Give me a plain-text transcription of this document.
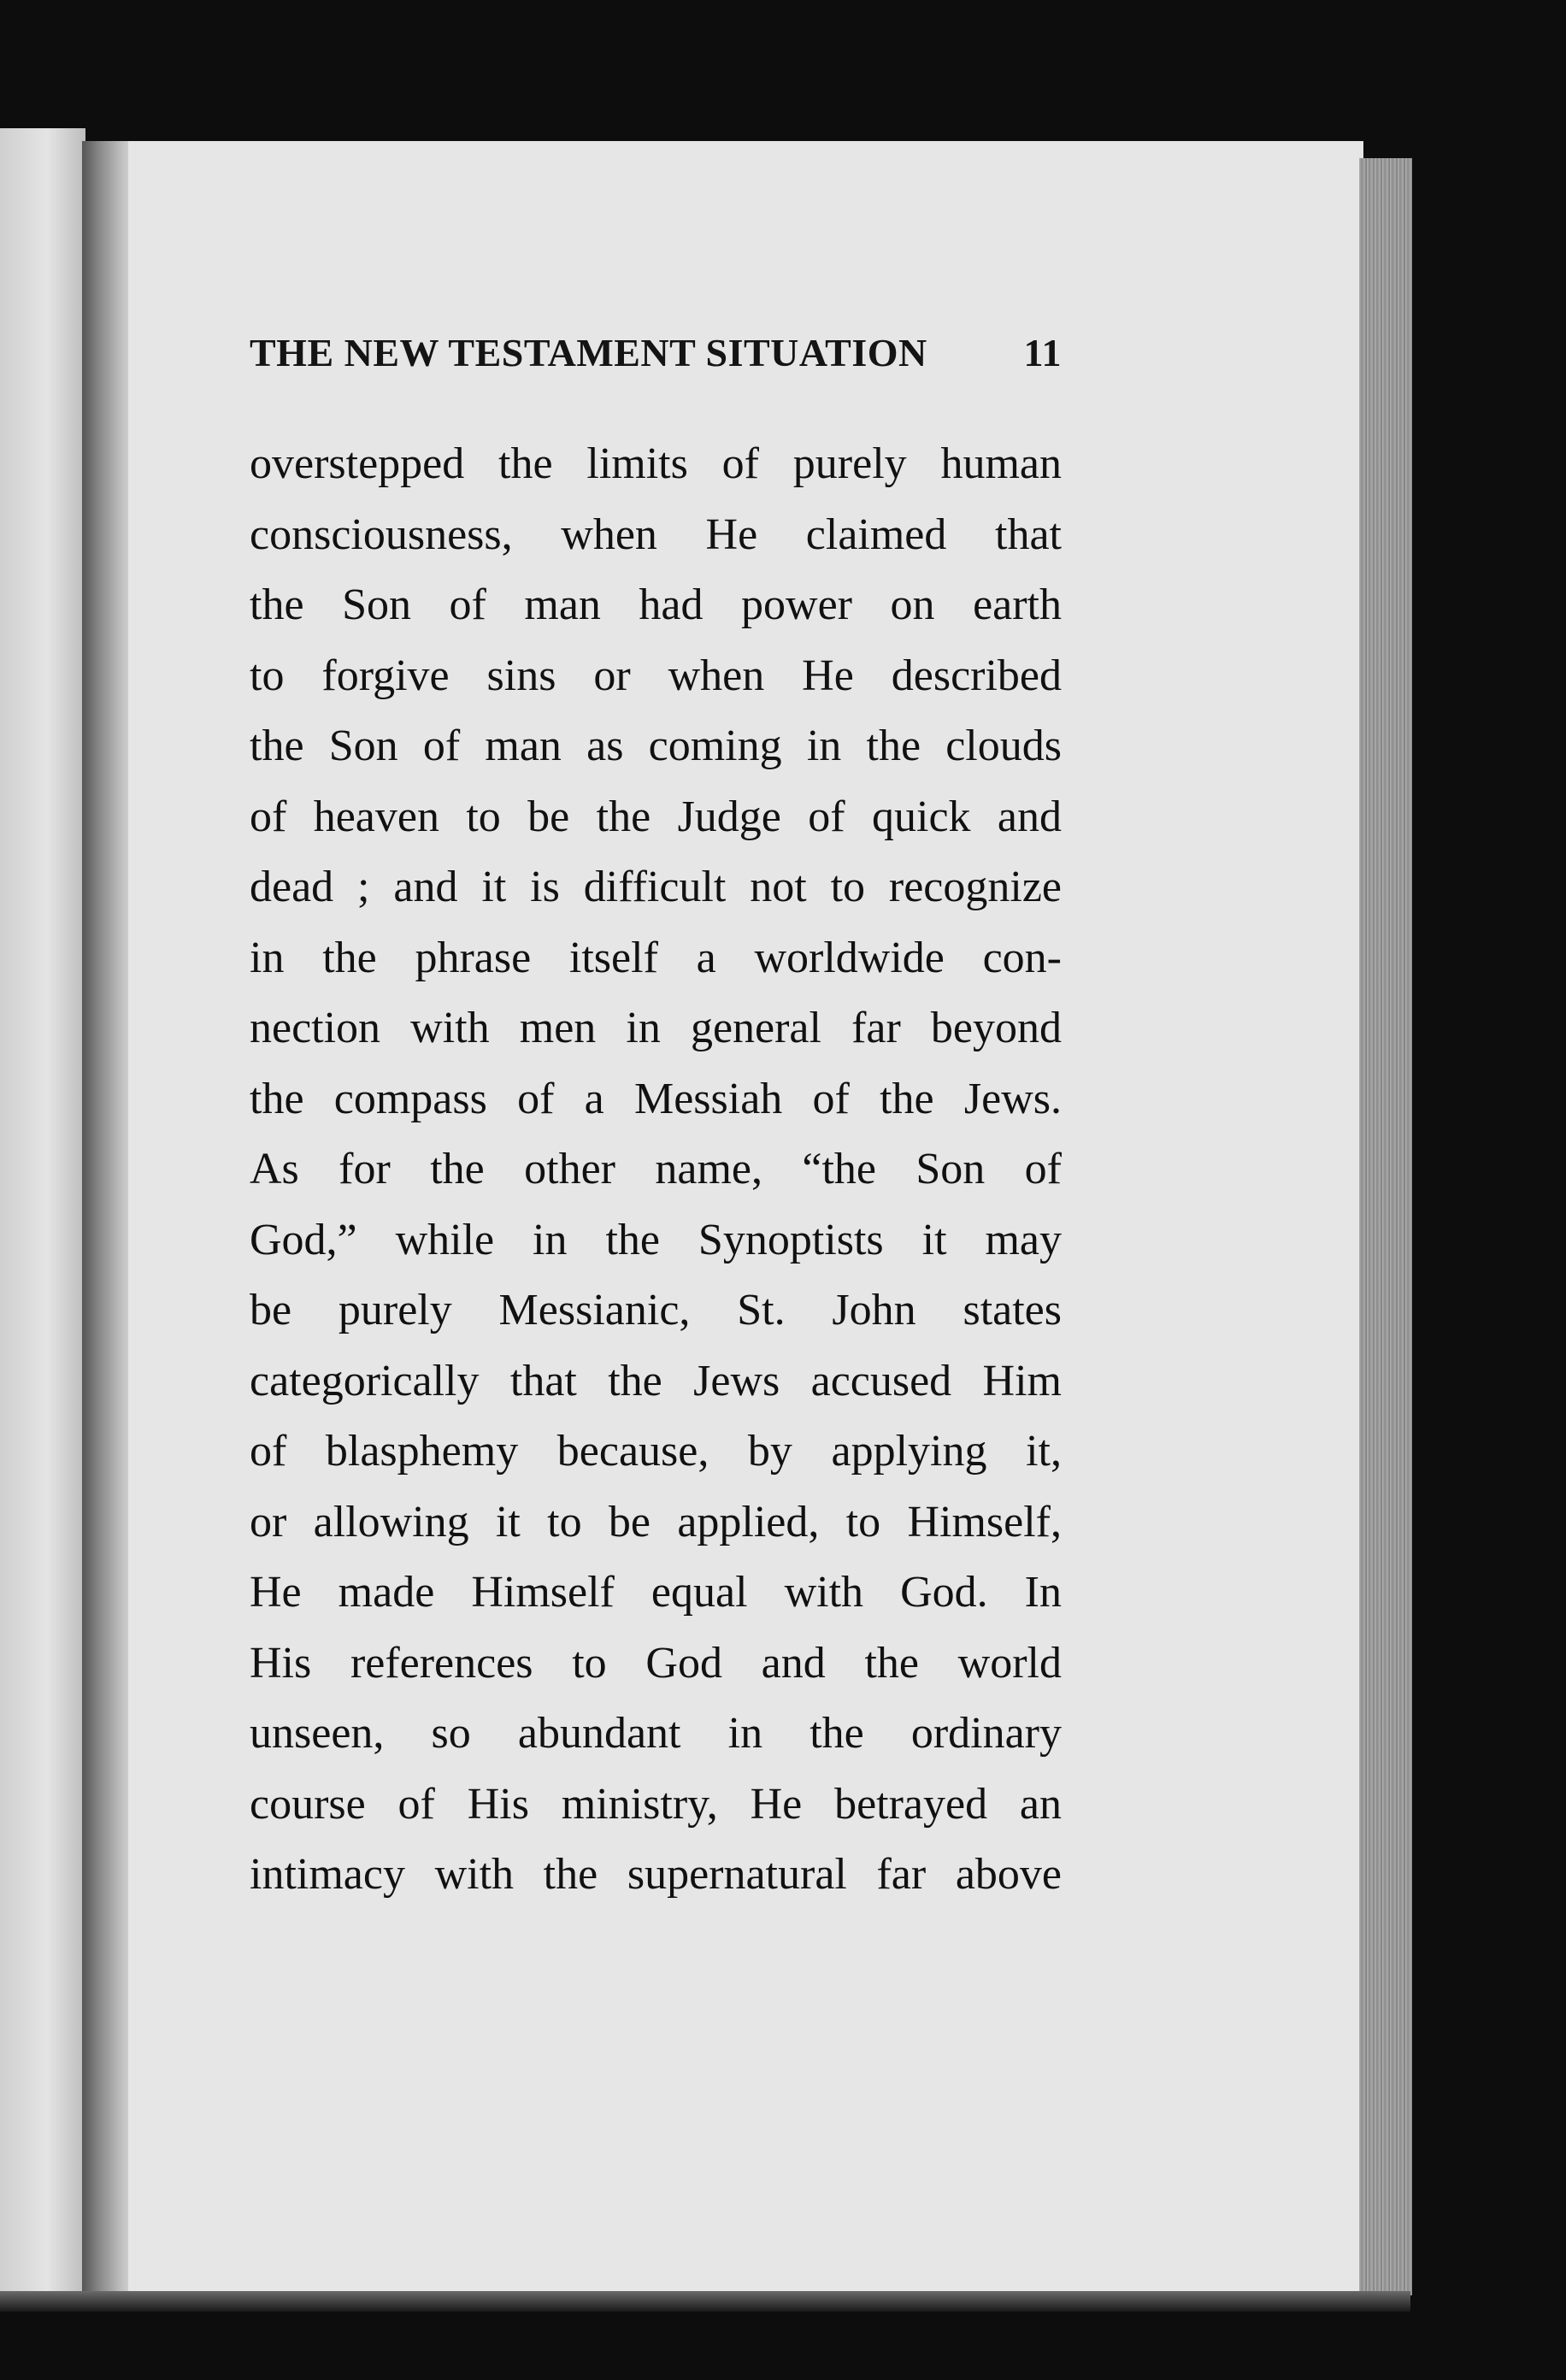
THE NEW TESTAMENT SITUATION 11
overstepped the limits of purely human
consciousness, when He claimed that
the Son of man had power on earth
to forgive sins or when He described
the Son of man as coming in the clouds
of heaven to be the Judge of quick and
dead ; and it is difficult not to recognize
in the phrase itself a worldwide con-
nection with men in general far beyond
the compass of a Messiah of the Jews.
As for the other name, “the Son of
God,” while in the Synoptists it may
be purely Messianic, St. John states
categorically that the Jews accused Him
of blasphemy because, by applying it,
or allowing it to be applied, to Himself,
He made Himself equal with God. In
His references to God and the world
unseen, so abundant in the ordinary
course of His ministry, He betrayed an
intimacy with the supernatural far above
